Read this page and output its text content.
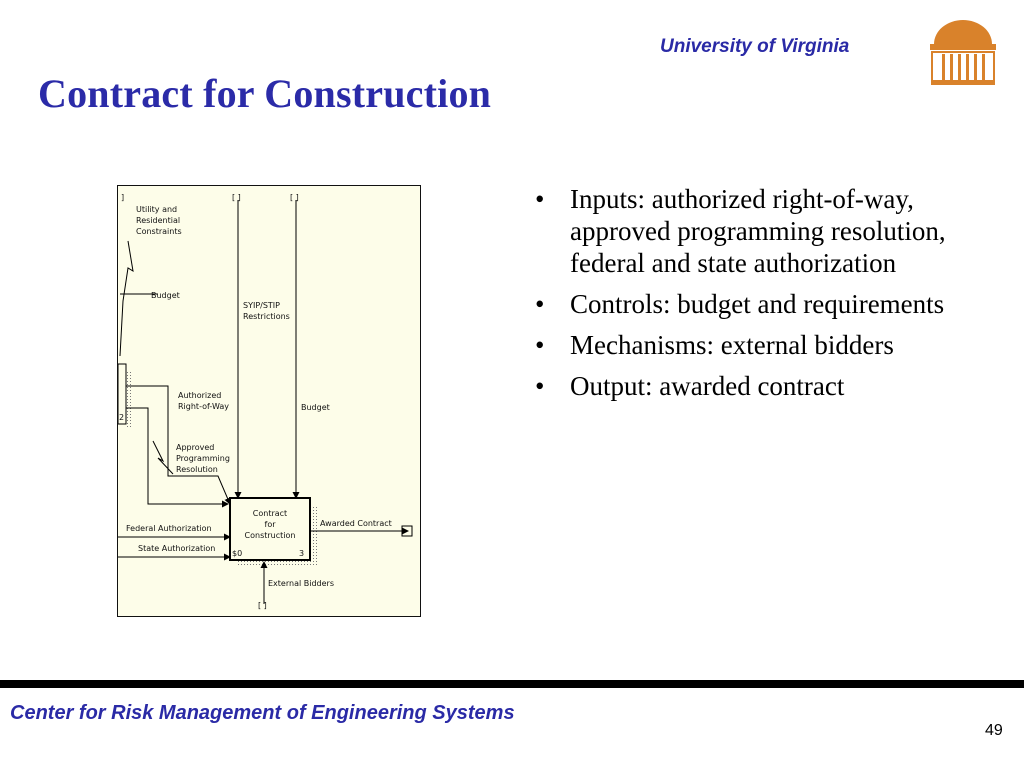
University of Virginia
Contract for Construction
Utility and
Residential
Constraints
Budget
SYIP/STIP
Restrictions
Authorized
Right-of-Way	Budget
Approved
Programming
Resolution
Federal Authorization
State Authorization
Contract
for
Construction
$0	3
Awarded Contract
External Bidders
2
[ ]	[ ]
[ ]
]
•	Inputs: authorized right-of-way, approved programming resolution, federal and state authorization
• Controls: budget and requirements
• Mechanisms: external bidders
• Output: awarded contract
Center for Risk Management of Engineering Systems
49
